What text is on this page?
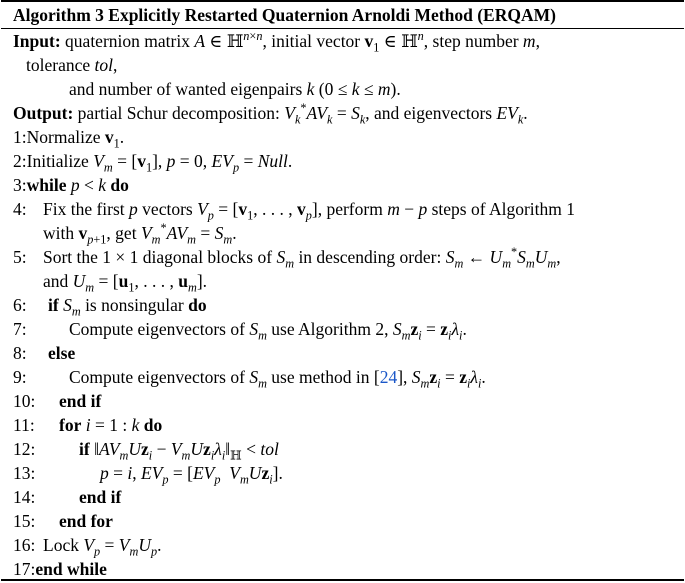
Algorithm 3 Explicitly Restarted Quaternion Arnoldi Method (ERQAM)
Input: quaternion matrix A ∈ ℍ$^{n\times n}$, initial vector $v_1$ ∈ ℍ$^n$, step number m,
tolerance tol,
and number of wanted eigenpairs k (0 ≤ k ≤ m).
Output: partial Schur decomposition: $V_k^*AV_k = S_k$, and eigenvectors $EV_k$.
1:Normalize $v_1$.
2:Initialize $V_m = [v_1]$, p = 0, $EV_p$ = Null.
3:while p < k do
4: Fix the first p vectors $V_p = [v_1$, . . . , $v_p$], perform m − p steps of Algorithm 1
with $v_{p+1}$, get $V_m^*AV_m = S_m$.
5: Sort the 1 × 1 diagonal blocks of $S_m$ in descending order: $S_m$ ← $U_m^*S_mU_m$,
and $U_m = [u_1$, . . . , $u_m$].
6: if $S_m$ is nonsingular do
7: Compute eigenvectors of $S_m$ use Algorithm 2, $S_mz_i = z_i\lambda_i$.
8: else
9: Compute eigenvectors of $S_m$ use method in [24], $S_mz_i = z_i\lambda_i$.
10: end if
11: for i = 1 : k do
12: if $‖AV_mUz_i$ − $V_mUz_i\lambda_i‖_ℍ$ < tol
13:	p = i, $EV_p = [EV_p$ $V_mUz_i$].
14: end if
15: end for
16: Lock $V_p = V_mU_p$.
17:end while
